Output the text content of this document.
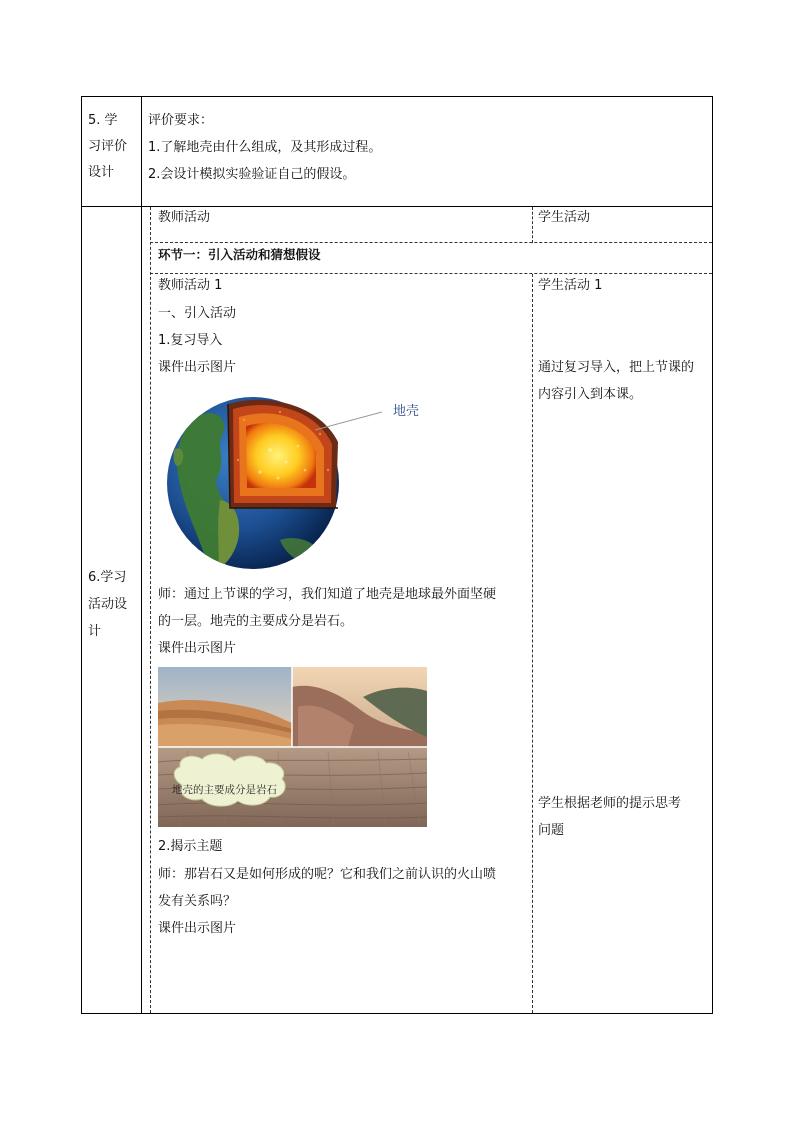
5. 学
习评价
设计
评价要求：
1.了解地壳由什么组成，及其形成过程。
2.会设计模拟实验验证自己的假设。
6.学习
活动设
计
教师活动	学生活动
环节一：引入活动和猜想假设
教师活动 1
一、引入活动
1.复习导入
课件出示图片
地壳
师：通过上节课的学习，我们知道了地壳是地球最外面坚硬
的一层。地壳的主要成分是岩石。
课件出示图片
地壳的主要成分是岩石
2.揭示主题
师：那岩石又是如何形成的呢？它和我们之前认识的火山喷
发有关系吗？
课件出示图片
学生活动 1
通过复习导入，把上节课的
内容引入到本课。
学生根据老师的提示思考
问题
